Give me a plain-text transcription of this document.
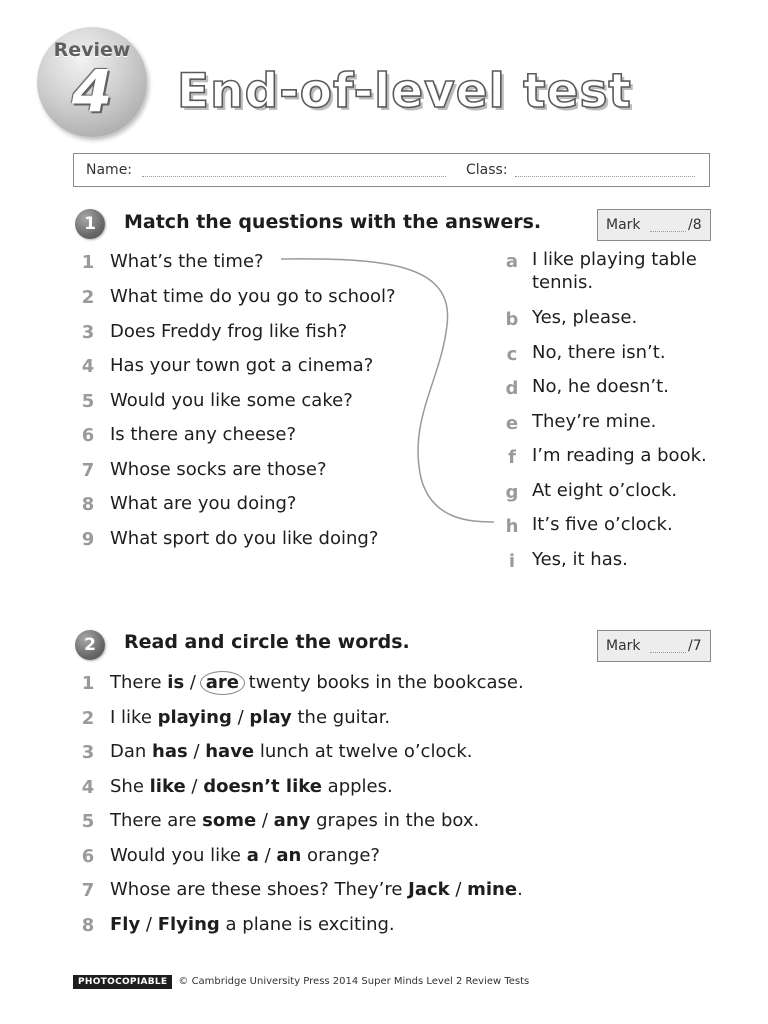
Review
4	End-of-level test
Name:	Class:
1	Match the questions with the answers.	Mark	/8
1 What’s the time?
2 What time do you go to school?
3 Does Freddy frog like fish?
4 Has your town got a cinema?
5 Would you like some cake?
6 Is there any cheese?
7 Whose socks are those?
8 What are you doing?
9 What sport do you like doing?
a I like playing table tennis.
b Yes, please.
c No, there isn’t.
d No, he doesn’t.
e They’re mine.
f I’m reading a book.
g At eight o’clock.
h It’s five o’clock.
i Yes, it has.
2	Read and circle the words.	Mark	/7
1 There is / are twenty books in the bookcase.
2 I like playing / play the guitar.
3 Dan has / have lunch at twelve o’clock.
4 She like / doesn’t like apples.
5 There are some / any grapes in the box.
6 Would you like a / an orange?
7 Whose are these shoes? They’re Jack / mine.
8 Fly / Flying a plane is exciting.
PHOTOCOPIABLE © Cambridge University Press 2014 Super Minds Level 2 Review Tests
